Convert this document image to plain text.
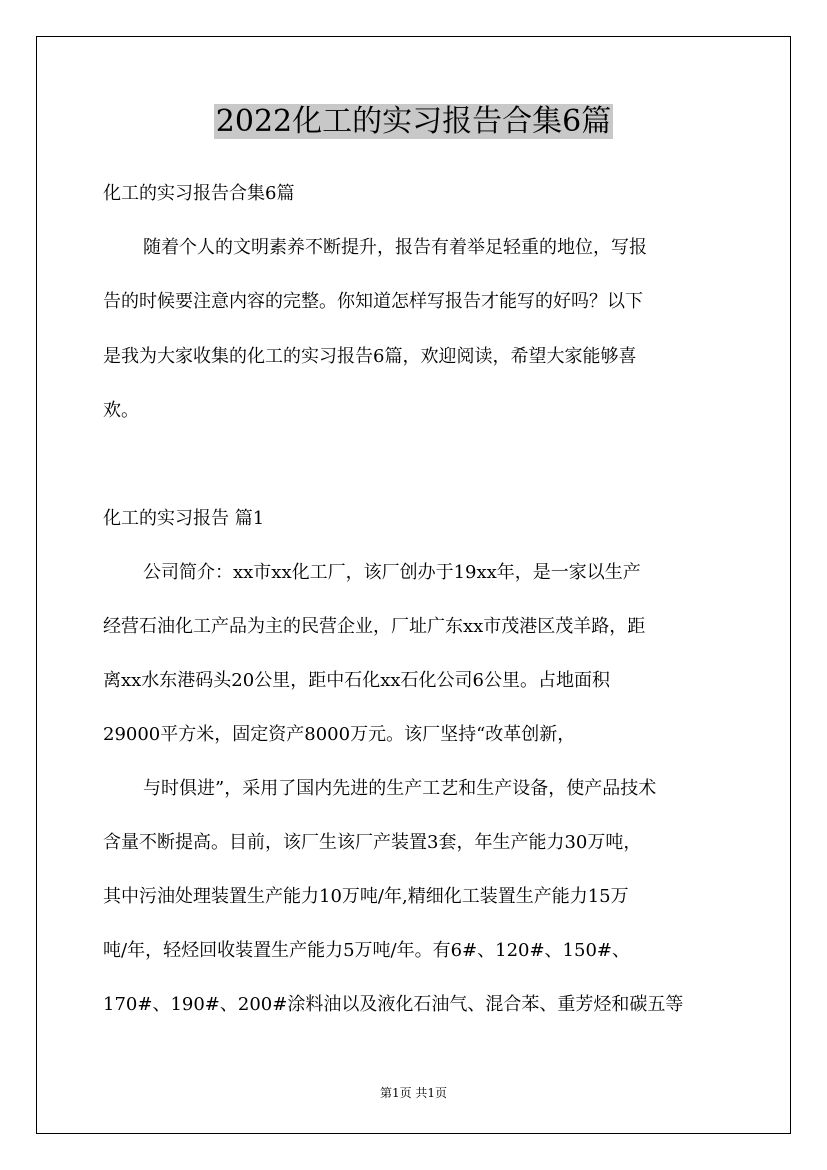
2022化工的实习报告合集6篇
化工的实习报告合集6篇
随着个人的文明素养不断提升，报告有着举足轻重的地位，写报
告的时候要注意内容的完整。你知道怎样写报告才能写的好吗？以下
是我为大家收集的化工的实习报告6篇，欢迎阅读，希望大家能够喜
欢。
化工的实习报告 篇1
公司简介：xx市xx化工厂，该厂创办于19xx年，是一家以生产
经营石油化工产品为主的民营企业，厂址广东xx市茂港区茂羊路，距
离xx水东港码头20公里，距中石化xx石化公司6公里。占地面积
29000平方米，固定资产8000万元。该厂坚持“改革创新，
与时俱进”，采用了国内先进的生产工艺和生产设备，使产品技术
含量不断提高。目前，该厂生该厂产装置3套，年生产能力30万吨，
其中污油处理装置生产能力10万吨/年,精细化工装置生产能力15万
吨/年，轻烃回收装置生产能力5万吨/年。有6#、120#、150#、
170#、190#、200#涂料油以及液化石油气、混合苯、重芳烃和碳五等
第1页 共1页
